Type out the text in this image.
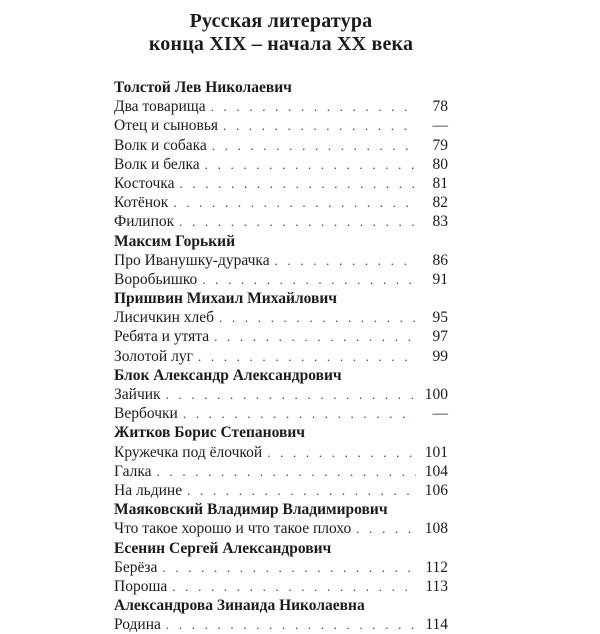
Русская литература
конца XIX – начала XX века
Толстой Лев Николаевич
Два товарища . . .	78
Отец и сыновья . . .	—
Волк и собака . . .	79
Волк и белка . . .	80
Косточка . . .	81
Котёнок . . .	82
Филипок . . .	83
Максим Горький
Про Иванушку-дурачка . . .	86
Воробьишко . . .	91
Пришвин Михаил Михайлович
Лисичкин хлеб . . .	95
Ребята и утята . . .	97
Золотой луг . . .	99
Блок Александр Александрович
Зайчик . . .	100
Вербочки . . .	—
Житков Борис Степанович
Кружечка под ёлочкой . . .	101
Галка . . .	104
На льдине . . .	106
Маяковский Владимир Владимирович
Что такое хорошо и что такое плохо . . .	108
Есенин Сергей Александрович
Берёза . . .	112
Пороша . . .	113
Александрова Зинаида Николаевна
Родина . . .	114
